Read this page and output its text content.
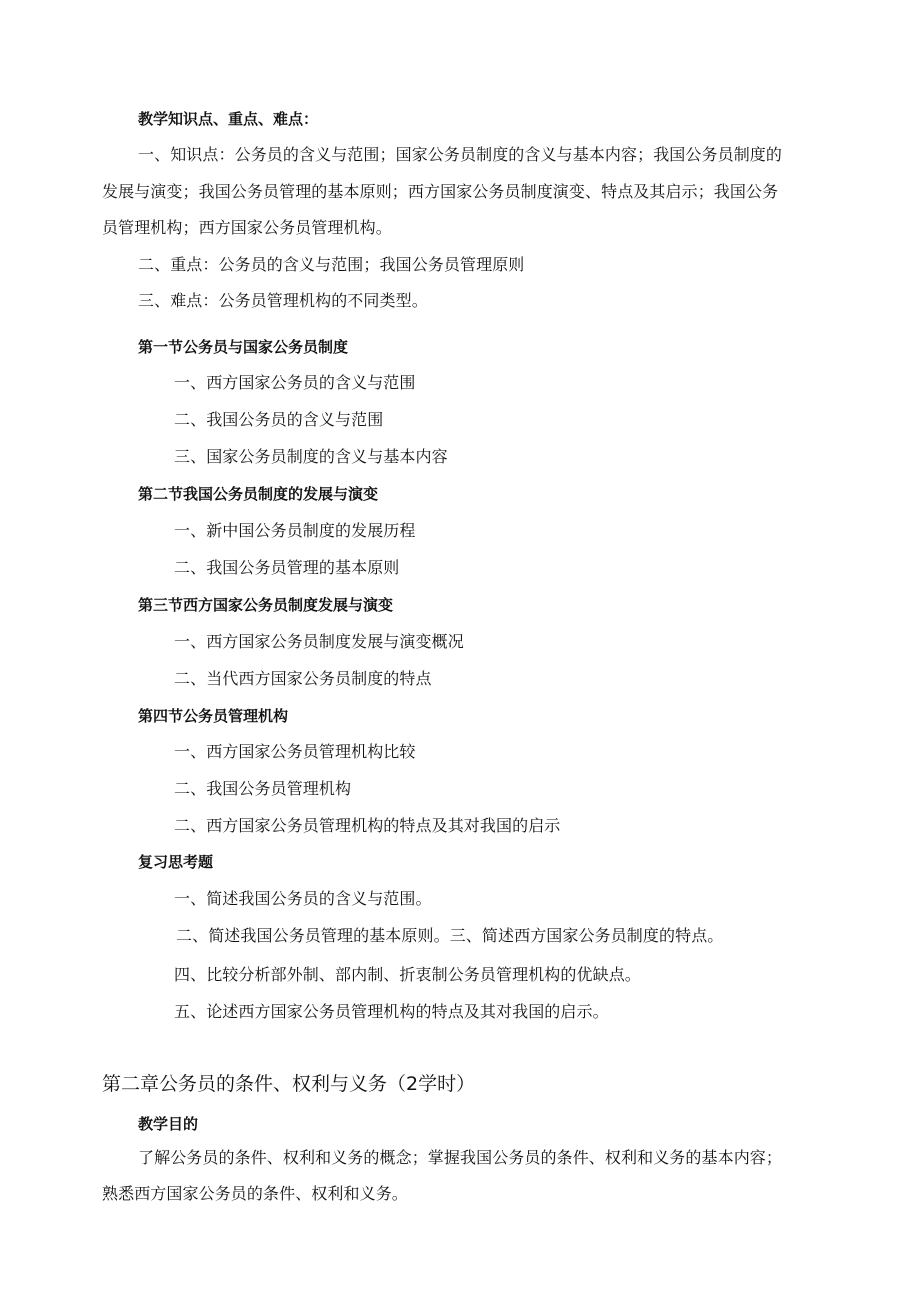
教学知识点、重点、难点：

一、知识点：公务员的含义与范围；国家公务员制度的含义与基本内容；我国公务员制度的

发展与演变；我国公务员管理的基本原则；西方国家公务员制度演变、特点及其启示；我国公务

员管理机构；西方国家公务员管理机构。

二、重点：公务员的含义与范围；我国公务员管理原则

三、难点：公务员管理机构的不同类型。

第一节公务员与国家公务员制度

一、西方国家公务员的含义与范围

二、我国公务员的含义与范围

三、国家公务员制度的含义与基本内容

第二节我国公务员制度的发展与演变

一、新中国公务员制度的发展历程

二、我国公务员管理的基本原则

第三节西方国家公务员制度发展与演变

一、西方国家公务员制度发展与演变概况

二、当代西方国家公务员制度的特点

第四节公务员管理机构

一、西方国家公务员管理机构比较

二、我国公务员管理机构

二、西方国家公务员管理机构的特点及其对我国的启示

复习思考题

一、简述我国公务员的含义与范围。

二、简述我国公务员管理的基本原则。三、简述西方国家公务员制度的特点。

四、比较分析部外制、部内制、折衷制公务员管理机构的优缺点。

五、论述西方国家公务员管理机构的特点及其对我国的启示。

第二章公务员的条件、权利与义务（2学时）

教学目的

了解公务员的条件、权利和义务的概念；掌握我国公务员的条件、权利和义务的基本内容；

熟悉西方国家公务员的条件、权利和义务。
